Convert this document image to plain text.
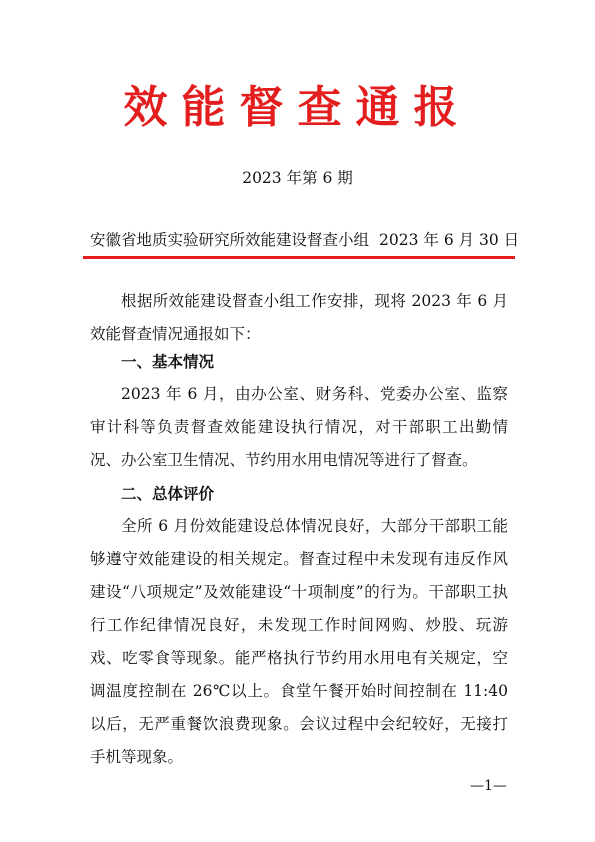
效能督查通报
2023 年第 6 期
安徽省地质实验研究所效能建设督查小组 2023 年 6 月 30 日
根据所效能建设督查小组工作安排，现将 2023 年 6 月效能督查情况通报如下：
一、基本情况
2023 年 6 月，由办公室、财务科、党委办公室、监察审计科等负责督查效能建设执行情况，对干部职工出勤情况、办公室卫生情况、节约用水用电情况等进行了督查。
二、总体评价
全所 6 月份效能建设总体情况良好，大部分干部职工能够遵守效能建设的相关规定。督查过程中未发现有违反作风建设“八项规定”及效能建设“十项制度”的行为。干部职工执行工作纪律情况良好，未发现工作时间网购、炒股、玩游戏、吃零食等现象。能严格执行节约用水用电有关规定，空调温度控制在 26℃以上。食堂午餐开始时间控制在 11:40 以后，无严重餐饮浪费现象。会议过程中会纪较好，无接打手机等现象。
—1—
